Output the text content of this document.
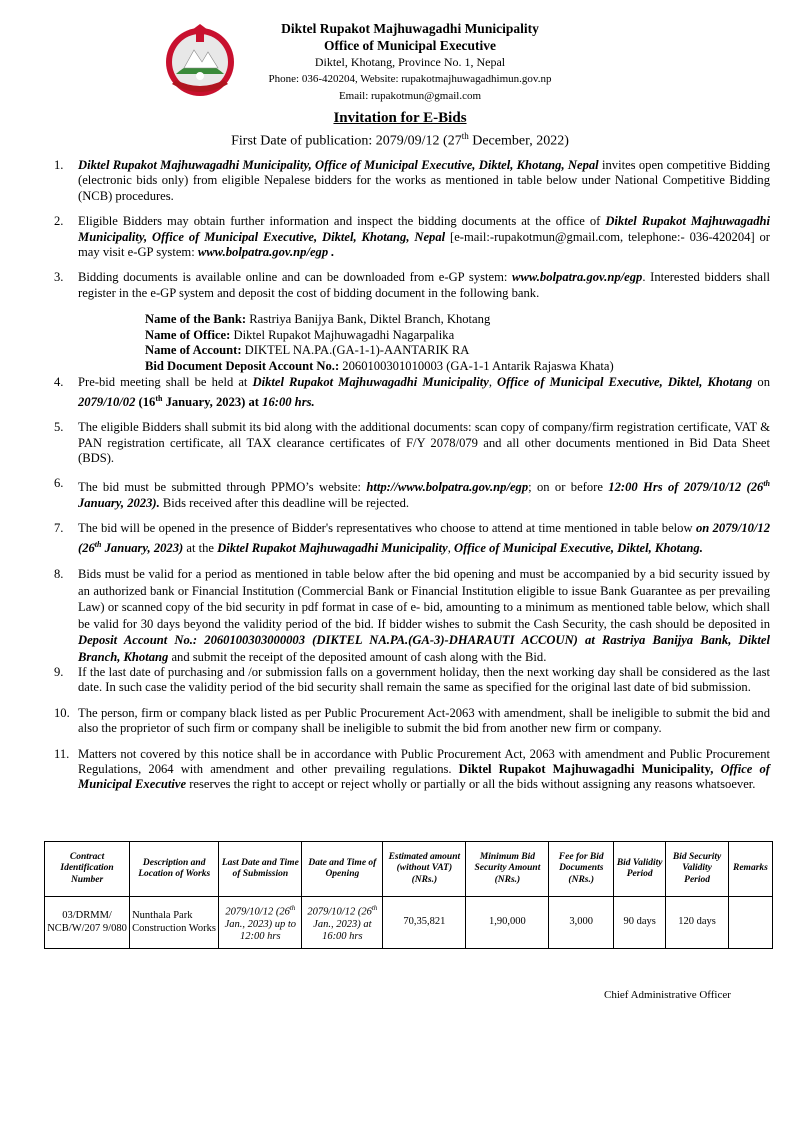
Diktel Rupakot Majhuwagadhi Municipality
Office of Municipal Executive
Diktel, Khotang, Province No. 1, Nepal
Phone: 036-420204, Website: rupakotmajhuwagadhimun.gov.np
Email: rupakotmun@gmail.com
Invitation for E-Bids
First Date of publication: 2079/09/12 (27th December, 2022)
1. Diktel Rupakot Majhuwagadhi Municipality, Office of Municipal Executive, Diktel, Khotang, Nepal invites open competitive Bidding (electronic bids only) from eligible Nepalese bidders for the works as mentioned in table below under National Competitive Bidding (NCB) procedures.
2. Eligible Bidders may obtain further information and inspect the bidding documents at the office of Diktel Rupakot Majhuwagadhi Municipality, Office of Municipal Executive, Diktel, Khotang, Nepal [e-mail:-rupakotmun@gmail.com, telephone:- 036-420204] or may visit e-GP system: www.bolpatra.gov.np/egp .
3. Bidding documents is available online and can be downloaded from e-GP system: www.bolpatra.gov.np/egp. Interested bidders shall register in the e-GP system and deposit the cost of bidding document in the following bank.
Name of the Bank: Rastriya Banijya Bank, Diktel Branch, Khotang
Name of Office: Diktel Rupakot Majhuwagadhi Nagarpalika
Name of Account: DIKTEL NA.PA.(GA-1-1)-AANTARIK RA
Bid Document Deposit Account No.: 2060100301010003 (GA-1-1 Antarik Rajaswa Khata)
4. Pre-bid meeting shall be held at Diktel Rupakot Majhuwagadhi Municipality, Office of Municipal Executive, Diktel, Khotang on 2079/10/02 (16th January, 2023) at 16:00 hrs.
5. The eligible Bidders shall submit its bid along with the additional documents: scan copy of company/firm registration certificate, VAT & PAN registration certificate, all TAX clearance certificates of F/Y 2078/079 and all other documents mentioned in Bid Data Sheet (BDS).
6. The bid must be submitted through PPMO’s website: http://www.bolpatra.gov.np/egp; on or before 12:00 Hrs of 2079/10/12 (26th January, 2023). Bids received after this deadline will be rejected.
7. The bid will be opened in the presence of Bidder's representatives who choose to attend at time mentioned in table below on 2079/10/12 (26th January, 2023) at the Diktel Rupakot Majhuwagadhi Municipality, Office of Municipal Executive, Diktel, Khotang.
8. Bids must be valid for a period as mentioned in table below after the bid opening and must be accompanied by a bid security issued by an authorized bank or Financial Institution (Commercial Bank or Financial Institution eligible to issue Bank Guarantee as per prevailing Law) or scanned copy of the bid security in pdf format in case of e- bid, amounting to a minimum as mentioned table below, which shall be valid for 30 days beyond the validity period of the bid. If bidder wishes to submit the Cash Security, the cash should be deposited in Deposit Account No.: 2060100303000003 (DIKTEL NA.PA.(GA-3)-DHARAUTI ACCOUN) at Rastriya Banijya Bank, Diktel Branch, Khotang and submit the receipt of the deposited amount of cash along with the Bid.
9. If the last date of purchasing and /or submission falls on a government holiday, then the next working day shall be considered as the last date. In such case the validity period of the bid security shall remain the same as specified for the original last date of bid submission.
10. The person, firm or company black listed as per Public Procurement Act-2063 with amendment, shall be ineligible to submit the bid and also the proprietor of such firm or company shall be ineligible to submit the bid from another new firm or company.
11. Matters not covered by this notice shall be in accordance with Public Procurement Act, 2063 with amendment and Public Procurement Regulations, 2064 with amendment and other prevailing regulations. Diktel Rupakot Majhuwagadhi Municipality, Office of Municipal Executive reserves the right to accept or reject wholly or partially or all the bids without assigning any reasons whatsoever.
Contract Identification Number	Description and Location of Works	Last Date and Time of Submission	Date and Time of Opening	Estimated amount (without VAT) (NRs.)	Minimum Bid Security Amount (NRs.)	Fee for Bid Documents (NRs.)	Bid Validity Period	Bid Security Validity Period	Remarks
03/DRMM/ NCB/W/207 9/080	Nunthala Park Construction Works	2079/10/12 (26th Jan., 2023) up to 12:00 hrs	2079/10/12 (26th Jan., 2023) at 16:00 hrs	70,35,821	1,90,000	3,000	90 days	120 days	
Chief Administrative Officer
